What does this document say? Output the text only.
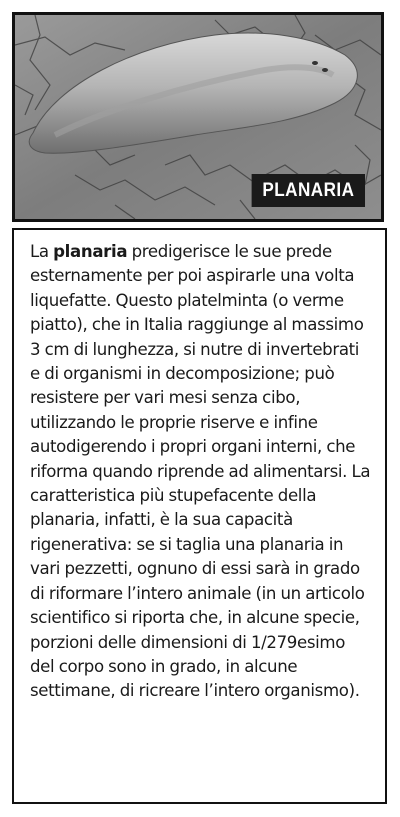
PLANARIA

La planaria predigerisce le sue prede esternamente per poi aspirarle una volta liquefatte. Questo platelminta (o verme piatto), che in Italia raggiunge al massimo 3 cm di lunghezza, si nutre di invertebrati e di organismi in decomposizione; può resistere per vari mesi senza cibo, utilizzando le proprie riserve e infine autodigerendo i propri organi interni, che riforma quando riprende ad alimentarsi. La caratteristica più stupefacente della planaria, infatti, è la sua capacità rigenerativa: se si taglia una planaria in vari pezzetti, ognuno di essi sarà in grado di riformare l’intero animale (in un articolo scientifico si riporta che, in alcune specie, porzioni delle dimensioni di 1/279esimo del corpo sono in grado, in alcune settimane, di ricreare l’intero organismo).
